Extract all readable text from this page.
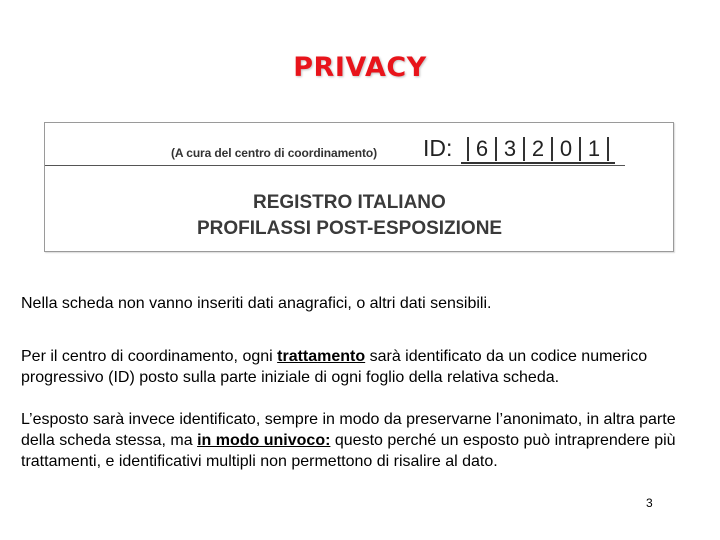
PRIVACY
(A cura del centro di coordinamento) ID: 6 3 2 0 1
REGISTRO ITALIANO
PROFILASSI POST-ESPOSIZIONE
Nella scheda non vanno inseriti dati anagrafici, o altri dati sensibili.
Per il centro di coordinamento, ogni trattamento sarà identificato da un codice numerico progressivo (ID) posto sulla parte iniziale di ogni foglio della relativa scheda.
L’esposto sarà invece identificato, sempre in modo da preservarne l’anonimato, in altra parte della scheda stessa, ma in modo univoco: questo perché un esposto può intraprendere più trattamenti, e identificativi multipli non permettono di risalire al dato.
3
